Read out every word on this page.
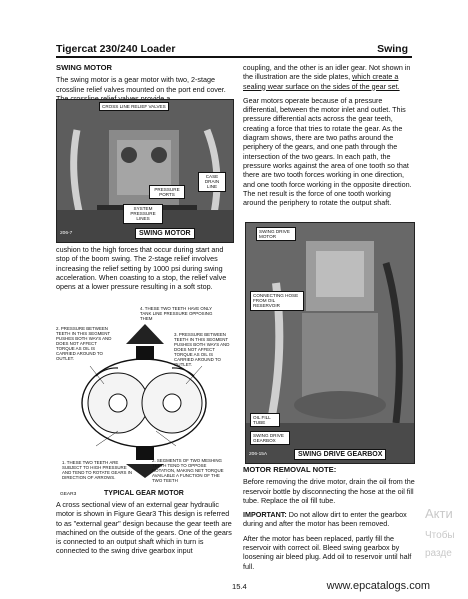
Tigercat 230/240 Loader	Swing
SWING MOTOR

The swing motor is a gear motor with two, 2-stage crossline relief valves mounted on the port end cover.

CROSS LINE RELIEF VALVES
CASE DRAIN LINE
PRESSURE PORTS
SYSTEM PRESSURE LINES
206-7	SWING MOTOR

cushion to the high forces that occur during start and stop of the boom swing. The 2-stage relief involves increasing the relief setting by 1000 psi during swing acceleration. When coasting to a stop, the relief valve opens at a lower pressure resulting in a soft stop.

4. THESE TWO TEETH HAVE ONLY TANK LINE PRESSURE OPPOSING THEM
2. PRESSURE BETWEEN TEETH IN THIS SEGMENT PUSHES BOTH WAYS AND DOES NOT AFFECT TORQUE AS OIL IS CARRIED AROUND TO OUTLET.
3. PRESSURE BETWEEN TEETH IN THIS SEGMENT PUSHES BOTH WAYS AND DOES NOT AFFECT TORQUE AS OIL IS CARRIED AROUND TO OUTLET.
1. THESE TWO TEETH ARE SUBJECT TO HIGH PRESSURE AND TEND TO ROTATE GEARS IN DIRECTION OF ARROWS.
2. SEGMENTS OF TWO MESHING TEETH TEND TO OPPOSE ROTATION, MAKING NET TORQUE AVAILABLE A FUNCTION OF THE TWO TEETH
GEAR3	TYPICAL GEAR MOTOR

A cross sectional view of an external gear hydraulic motor is shown in Figure Gear3 This design is referred to as "external gear" design because the gear teeth are machined on the outside of the gears. One of the gears is connected to an output shaft which in turn is connected to the swing drive gearbox input

coupling, and the other is an idler gear. Not shown in the illustration are the side plates, which create a sealing wear surface on the sides of the gear set.

Gear motors operate because of a pressure differential, between the motor inlet and outlet. This pressure differential acts across the gear teeth, creating a force that tries to rotate the gear. As the diagram shows, there are two paths around the periphery of the gears, and one path through the intersection of the two gears. In each path, the pressure works against the area of one tooth so that there are two tooth forces working in one direction, and one tooth force working in the opposite direction. The net result is the force of one tooth working around the periphery to rotate the output shaft.

SWING DRIVE MOTOR
CONNECTING HOSE FROM OIL RESERVOIR
OIL FILL TUBE
SWING DRIVE GEARBOX
206-15A	SWING DRIVE GEARBOX
MOTOR REMOVAL NOTE:

Before removing the drive motor, drain the oil from the reservoir bottle by disconnecting the hose at the oil fill tube. Replace the oil fill tube.

IMPORTANT: Do not allow dirt to enter the gearbox during and after the motor has been removed.

After the motor has been replaced, partly fill the reservoir with correct oil. Bleed swing gearbox by loosening air bleed plug. Add oil to reservoir until half full.

15.4	www.epcatalogs.com
Акти
Чтобы
разде
